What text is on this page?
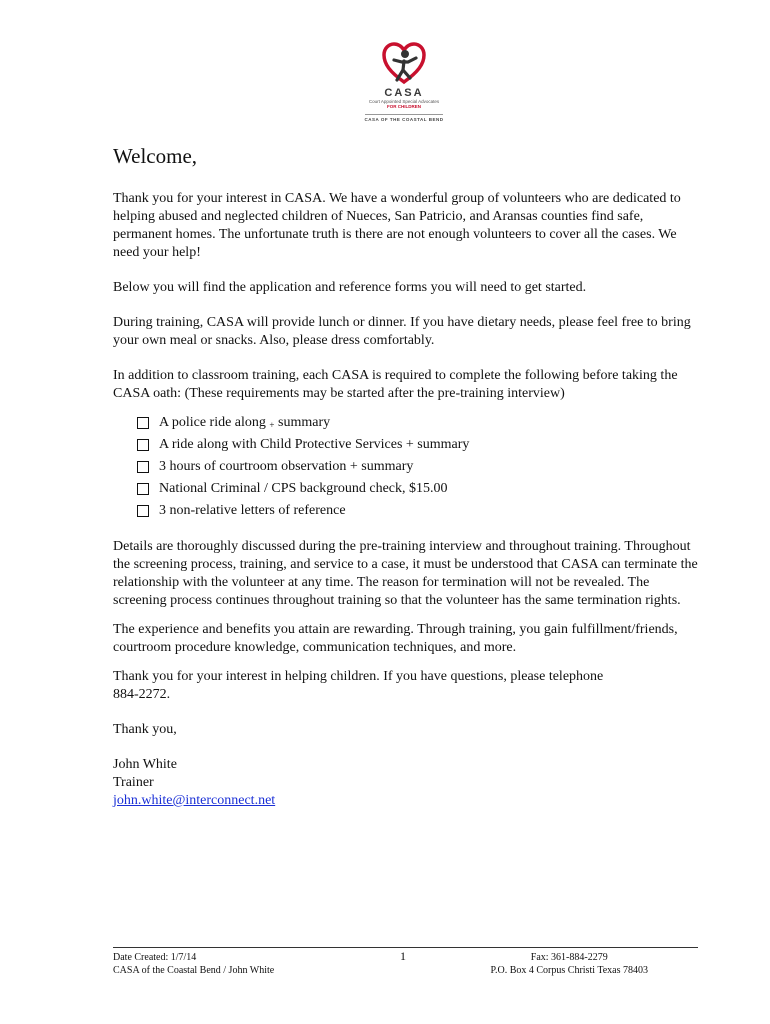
CASA
Court Appointed Special Advocates
FOR CHILDREN
CASA OF THE COASTAL BEND

Welcome,

Thank you for your interest in CASA. We have a wonderful group of volunteers who are dedicated to helping abused and neglected children of Nueces, San Patricio, and Aransas counties find safe, permanent homes. The unfortunate truth is there are not enough volunteers to cover all the cases. We need your help!

Below you will find the application and reference forms you will need to get started.

During training, CASA will provide lunch or dinner. If you have dietary needs, please feel free to bring your own meal or snacks. Also, please dress comfortably.

In addition to classroom training, each CASA is required to complete the following before taking the CASA oath: (These requirements may be started after the pre-training interview)

A police ride along + summary
A ride along with Child Protective Services + summary
3 hours of courtroom observation + summary
National Criminal / CPS background check, $15.00
3 non-relative letters of reference

Details are thoroughly discussed during the pre-training interview and throughout training. Throughout the screening process, training, and service to a case, it must be understood that CASA can terminate the relationship with the volunteer at any time. The reason for termination will not be revealed. The screening process continues throughout training so that the volunteer has the same termination rights.

The experience and benefits you attain are rewarding. Through training, you gain fulfillment/friends, courtroom procedure knowledge, communication techniques, and more.

Thank you for your interest in helping children. If you have questions, please telephone
884-2272.

Thank you,

John White

Trainer

john.white@interconnect.net

Date Created: 1/7/14
CASA of the Coastal Bend / John White
1	Fax: 361-884-2279
P.O. Box 4 Corpus Christi Texas 78403
